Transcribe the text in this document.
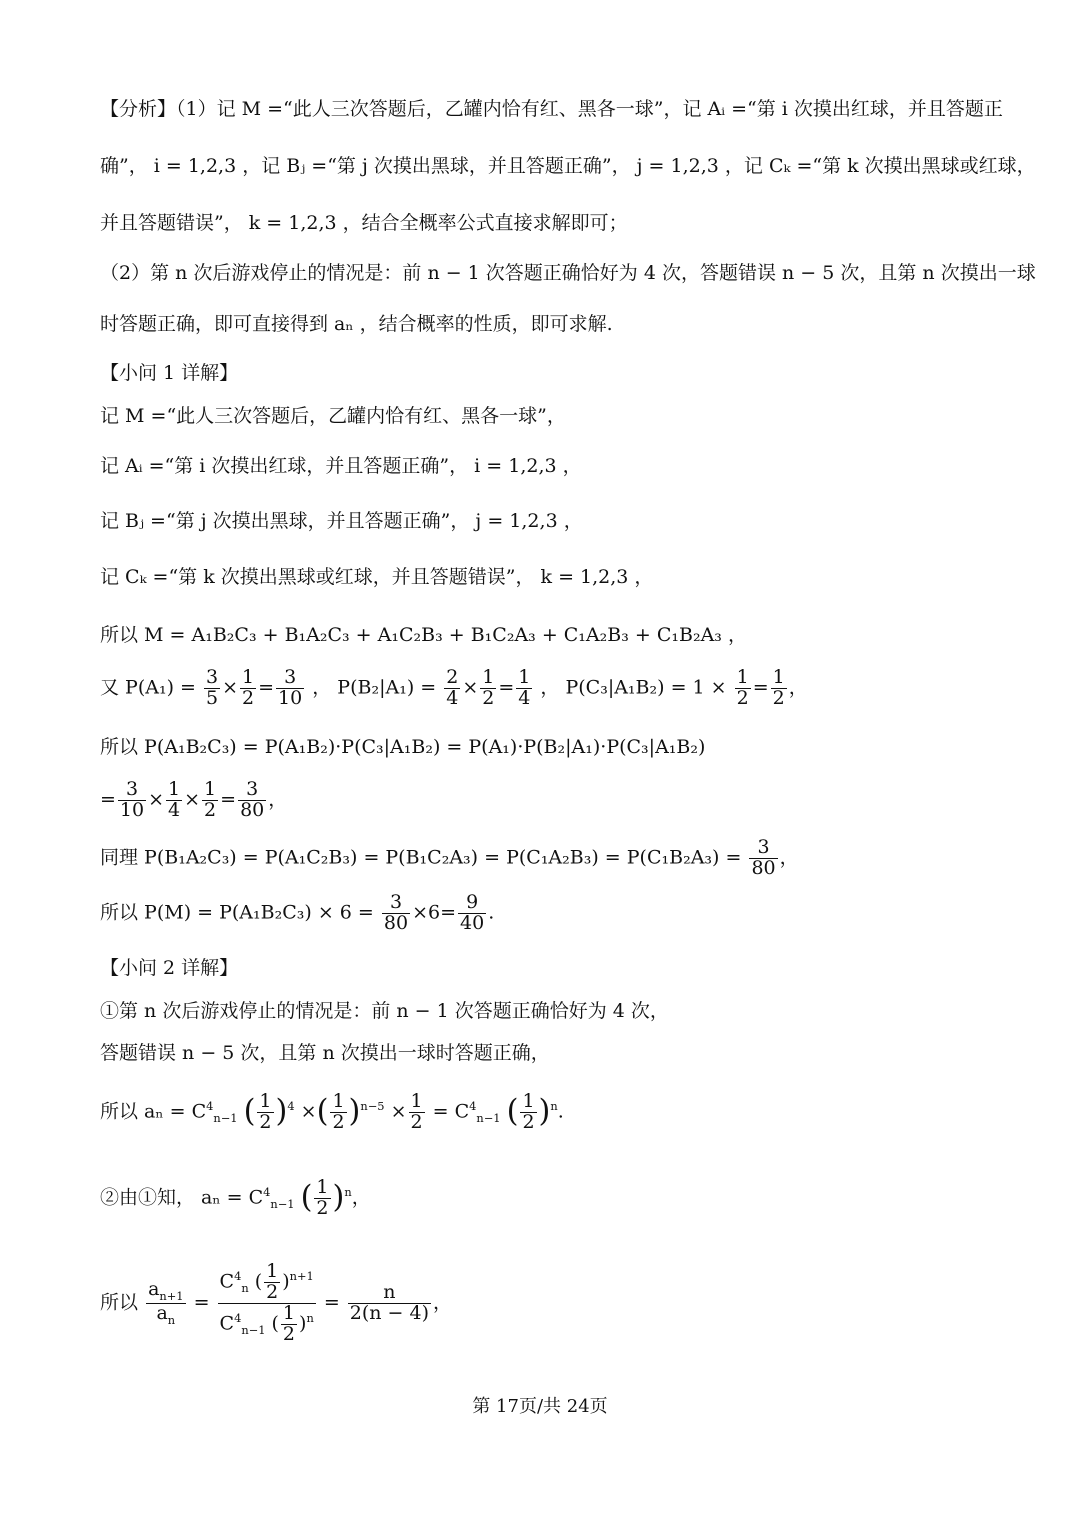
【分析】（1）记 M =“此人三次答题后，乙罐内恰有红、黑各一球”，记 Aᵢ =“第 i 次摸出红球，并且答题正
确”， i = 1,2,3 ，记 Bⱼ =“第 j 次摸出黑球，并且答题正确”， j = 1,2,3 ，记 Cₖ =“第 k 次摸出黑球或红球，
并且答题错误”， k = 1,2,3 ，结合全概率公式直接求解即可；
（2）第 n 次后游戏停止的情况是：前 n − 1 次答题正确恰好为 4 次，答题错误 n − 5 次，且第 n 次摸出一球
时答题正确，即可直接得到 aₙ ，结合概率的性质，即可求解.
【小问 1 详解】
记 M =“此人三次答题后，乙罐内恰有红、黑各一球”，
记 Aᵢ =“第 i 次摸出红球，并且答题正确”， i = 1,2,3 ，
记 Bⱼ =“第 j 次摸出黑球，并且答题正确”， j = 1,2,3 ，
记 Cₖ =“第 k 次摸出黑球或红球，并且答题错误”， k = 1,2,3 ，
所以 M = A₁B₂C₃ + B₁A₂C₃ + A₁C₂B₃ + B₁C₂A₃ + C₁A₂B₃ + C₁B₂A₃ ，
又 $P(A_1) = \frac{3}{5} \times \frac{1}{2} = \frac{3}{10}$ ， $P(B_2|A_1) = \frac{2}{4} \times \frac{1}{2} = \frac{1}{4}$ ， $P(C_3|A_1B_2) = 1 \times \frac{1}{2} = \frac{1}{2}$ ，
所以 P(A₁B₂C₃) = P(A₁B₂)·P(C₃|A₁B₂) = P(A₁)·P(B₂|A₁)·P(C₃|A₁B₂)
= $\frac{3}{10} \times \frac{1}{4} \times \frac{1}{2} = \frac{3}{80}$ ，
同理 $P(B_1A_2C_3) = P(A_1C_2B_3) = P(B_1C_2A_3) = P(C_1A_2B_3) = P(C_1B_2A_3) = \frac{3}{80}$ ，
所以 $P(M) = P(A_1B_2C_3) \times 6 = \frac{3}{80} \times 6= \frac{9}{40}$ .
【小问 2 详解】
①第 n 次后游戏停止的情况是：前 n − 1 次答题正确恰好为 4 次，
答题错误 n − 5 次，且第 n 次摸出一球时答题正确，
所以 $a_n = C^4_{n-1}$ ( $\frac{1}{2} )^4$ ×( $\frac{1}{2} )^{n-5} \times \frac{1}{2} = C^4_{n-1}$ ( $\frac{1}{2} )^n$.
②由①知， $a_n = C^4_{n-1}$ ( $\frac{1}{2} )^n$，
所以 $\frac{a_{n+1}}{a_n} = \frac{C^4_n ( \frac{1}{2} )^{n+1}}{C^4_{n-1} ( \frac{1}{2} )^n} = \frac{n}{2(n - 4)}$ ，
第 17页/共 24页
